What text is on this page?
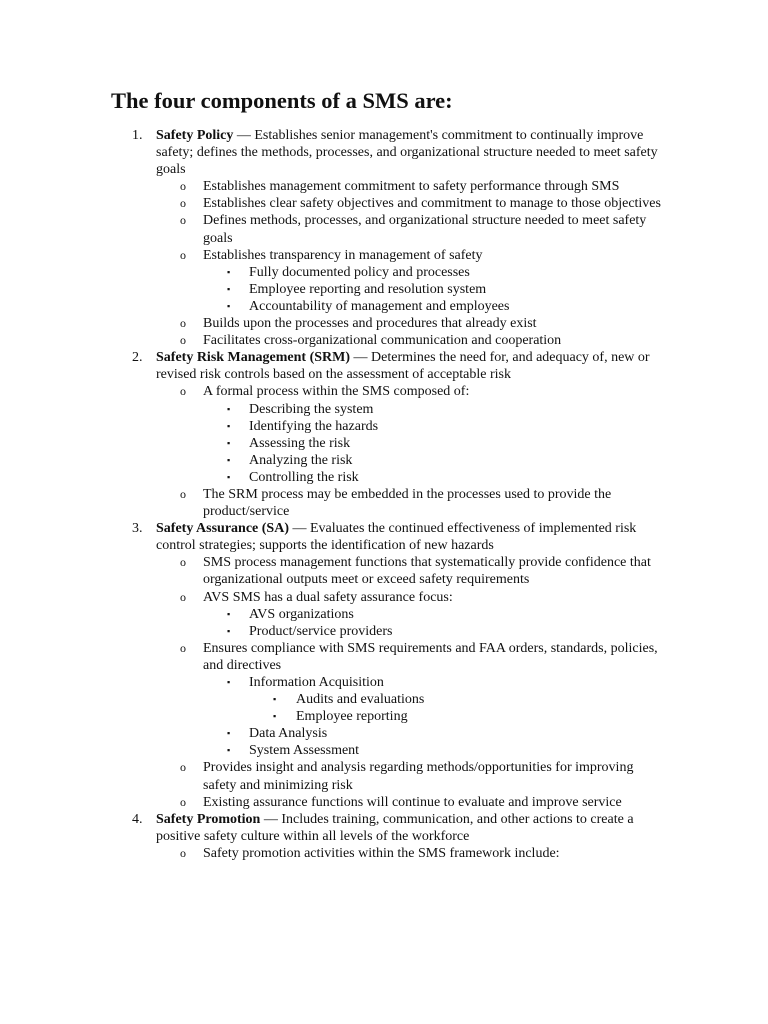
The four components of a SMS are:
1. Safety Policy — Establishes senior management's commitment to continually improve safety; defines the methods, processes, and organizational structure needed to meet safety goals
o Establishes management commitment to safety performance through SMS
o Establishes clear safety objectives and commitment to manage to those objectives
o Defines methods, processes, and organizational structure needed to meet safety goals
o Establishes transparency in management of safety
▪ Fully documented policy and processes
▪ Employee reporting and resolution system
▪ Accountability of management and employees
o Builds upon the processes and procedures that already exist
o Facilitates cross-organizational communication and cooperation
2. Safety Risk Management (SRM) — Determines the need for, and adequacy of, new or revised risk controls based on the assessment of acceptable risk
o A formal process within the SMS composed of:
▪ Describing the system
▪ Identifying the hazards
▪ Assessing the risk
▪ Analyzing the risk
▪ Controlling the risk
o The SRM process may be embedded in the processes used to provide the product/service
3. Safety Assurance (SA) — Evaluates the continued effectiveness of implemented risk control strategies; supports the identification of new hazards
o SMS process management functions that systematically provide confidence that organizational outputs meet or exceed safety requirements
o AVS SMS has a dual safety assurance focus:
▪ AVS organizations
▪ Product/service providers
o Ensures compliance with SMS requirements and FAA orders, standards, policies, and directives
▪ Information Acquisition
▪ Audits and evaluations
▪ Employee reporting
▪ Data Analysis
▪ System Assessment
o Provides insight and analysis regarding methods/opportunities for improving safety and minimizing risk
o Existing assurance functions will continue to evaluate and improve service
4. Safety Promotion — Includes training, communication, and other actions to create a positive safety culture within all levels of the workforce
o Safety promotion activities within the SMS framework include:
